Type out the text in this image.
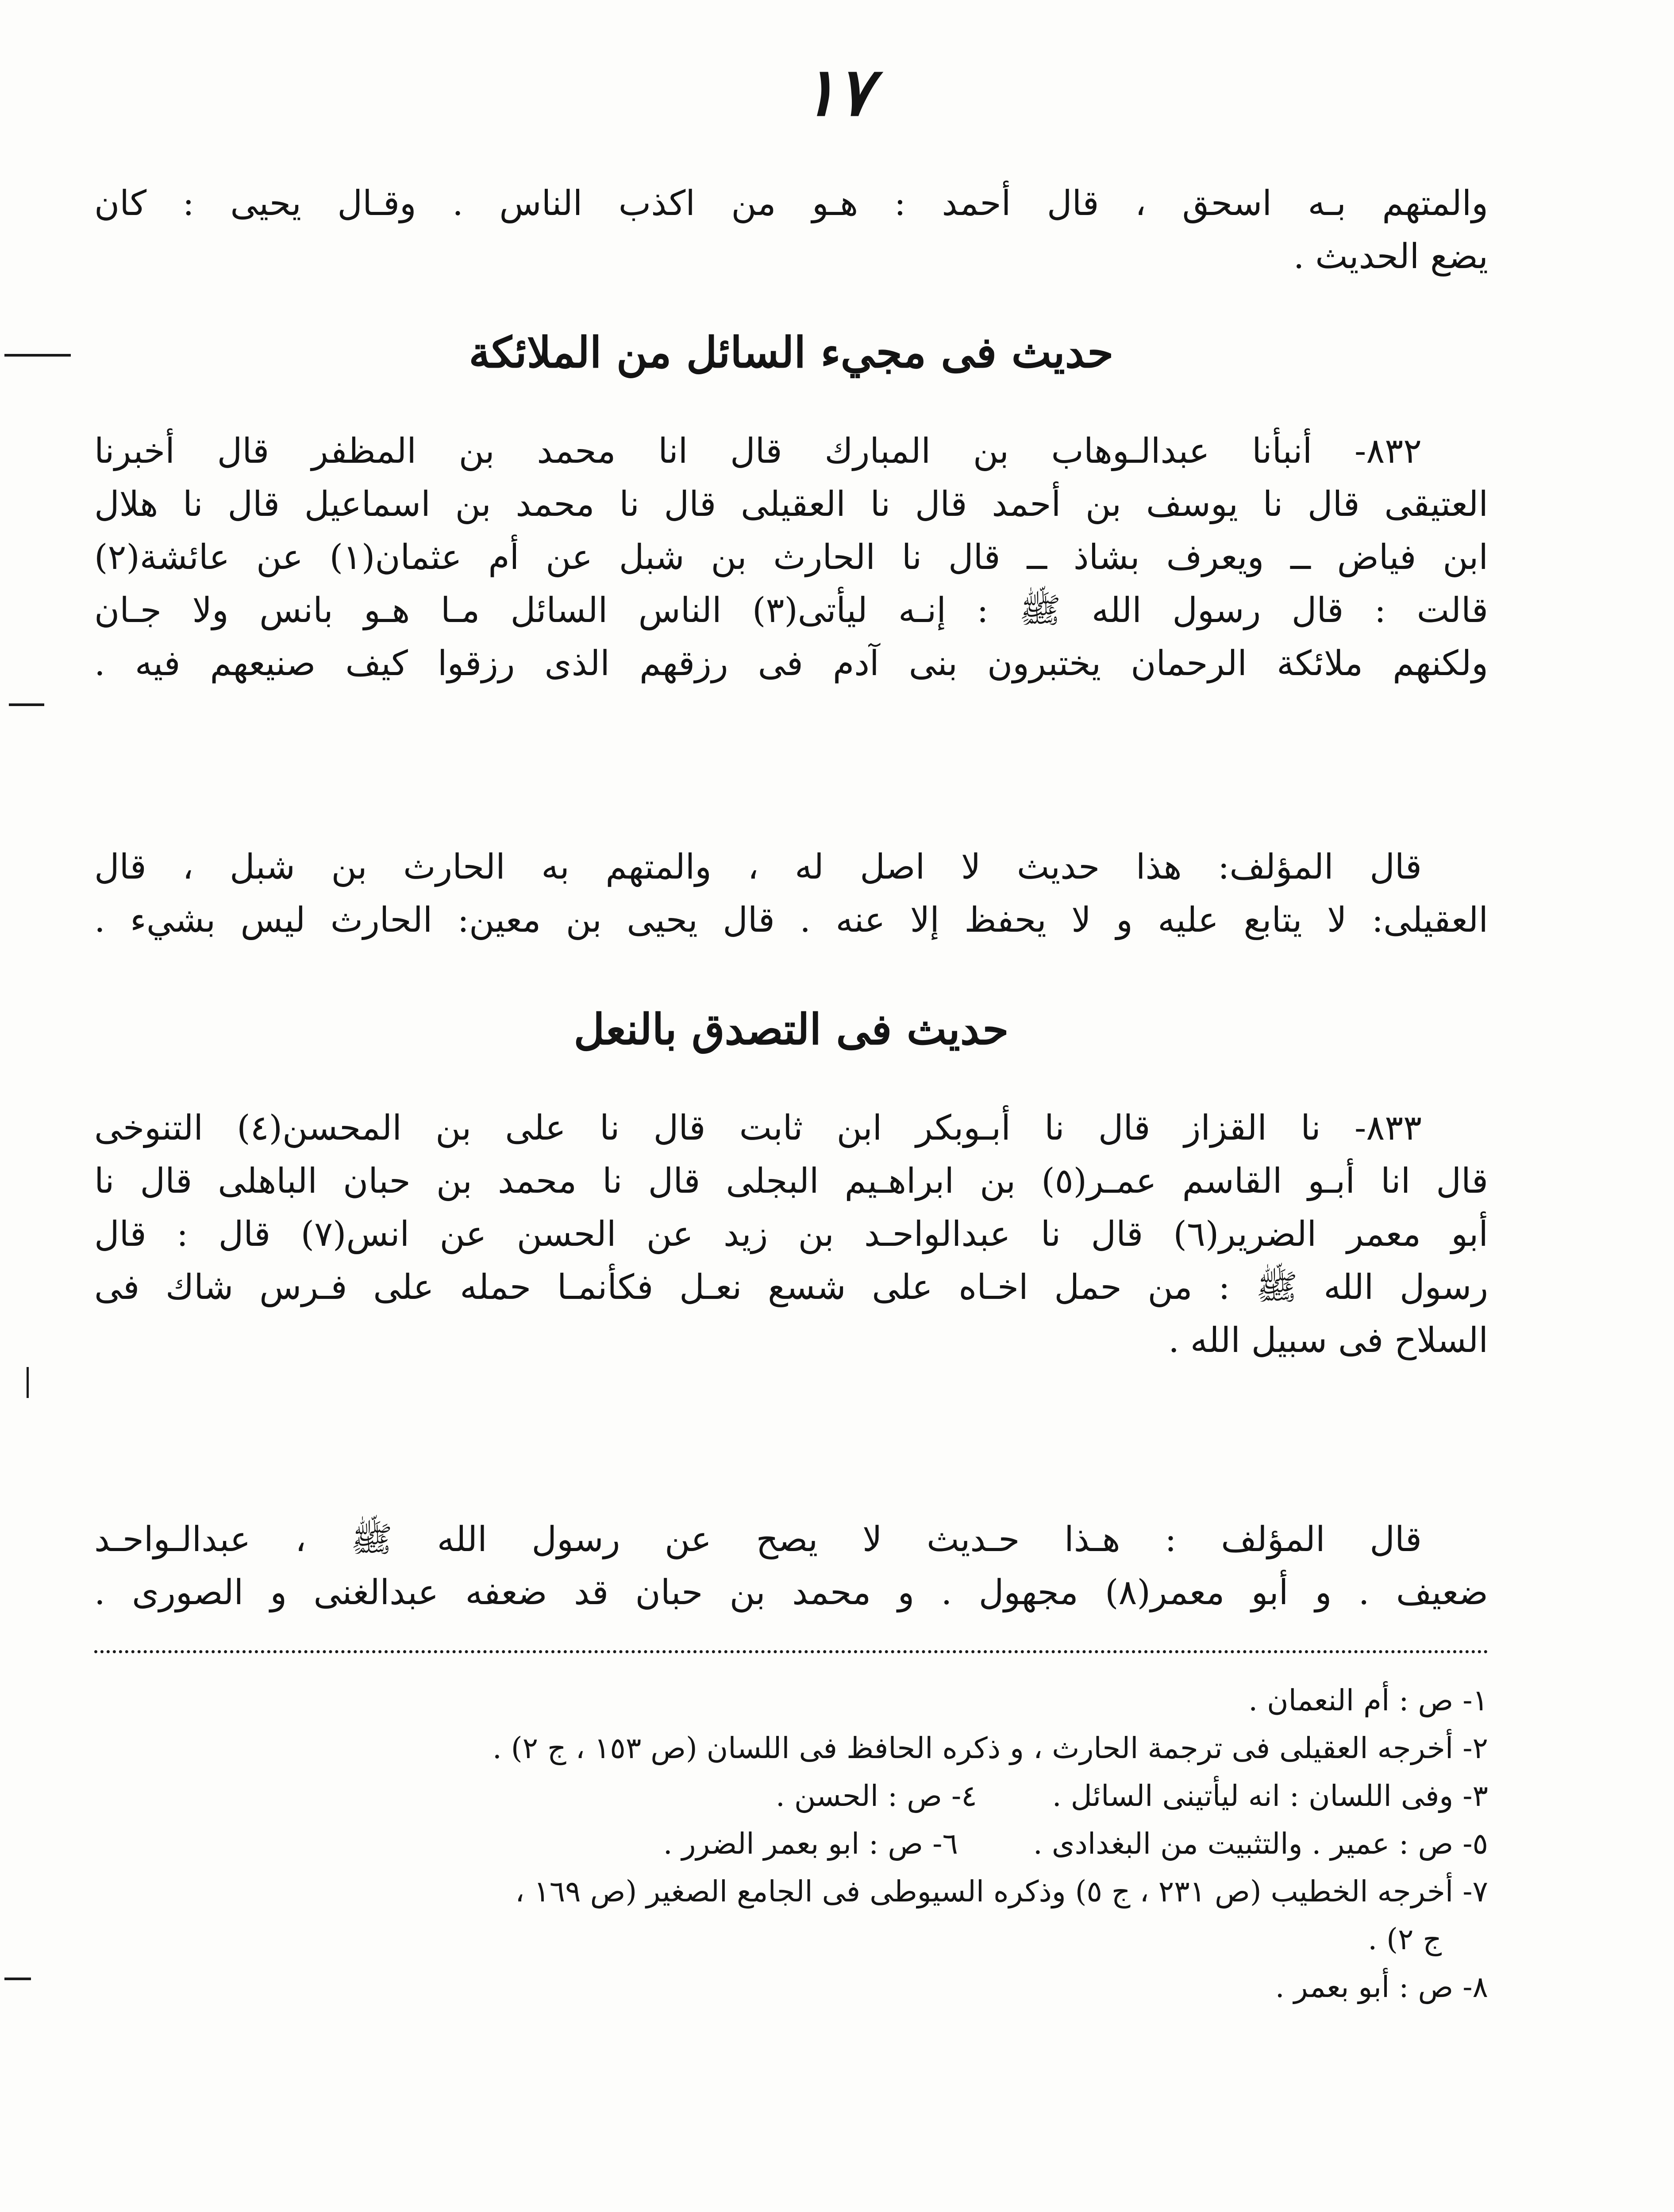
١٧
والمتهم بـه اسحق ، قال أحمد : هـو من اكذب الناس . وقـال يحيى : كان
يضع الحديث .
حديث فى مجيء السائل من الملائكة
٨٣٢- أنبأنا عبدالـوهاب بن المبارك قال انا محمد بن المظفر قال أخبرنا
العتيقى قال نا يوسف بن أحمد قال نا العقيلى قال نا محمد بن اسماعيل قال نا هلال
ابن فياض ــ ويعرف بشاذ ــ قال نا الحارث بن شبل عن أم عثمان(١) عن عائشة(٢)
قالت : قال رسول الله ﷺ : إنـه ليأتى(٣) الناس السائل مـا هـو بانس ولا جـان
ولكنهم ملائكة الرحمان يختبرون بنى آدم فى رزقهم الذى رزقوا كيف صنيعهم فيه .
قال المؤلف: هذا حديث لا اصل له ، والمتهم به الحارث بن شبل ، قال
العقيلى: لا يتابع عليه و لا يحفظ إلا عنه . قال يحيى بن معين: الحارث ليس بشيء .
حديث فى التصدق بالنعل
٨٣٣- نا القزاز قال نا أبـوبكر ابن ثابت قال نا على بن المحسن(٤) التنوخى
قال انا أبـو القاسم عمـر(٥) بن ابراهـيم البجلى قال نا محمد بن حبان الباهلى قال نا
أبو معمر الضرير(٦) قال نا عبدالواحـد بن زيد عن الحسن عن انس(٧) قال : قال
رسول الله ﷺ : من حمل اخـاه على شسع نعـل فكأنمـا حمله على فـرس شاك فى
السلاح فى سبيل الله .
قال المؤلف : هـذا حـديث لا يصح عن رسول الله ﷺ ، عبدالـواحـد
ضعيف . و أبو معمر(٨) مجهول . و محمد بن حبان قد ضعفه عبدالغنى و الصورى .
١- ص : أم النعمان .
٢- أخرجه العقيلى فى ترجمة الحارث ، و ذكره الحافظ فى اللسان (ص ١٥٣ ، ج ٢) .
٣- وفى اللسان : انه ليأتينى السائل .٤- ص : الحسن .
٥- ص : عمير . والتثبيت من البغدادى .٦- ص : ابو بعمر الضرر .
٧- أخرجه الخطيب (ص ٢٣١ ، ج ٥) وذكره السيوطى فى الجامع الصغير (ص ١٦٩ ،
ج ٢) .
٨- ص : أبو بعمر .
